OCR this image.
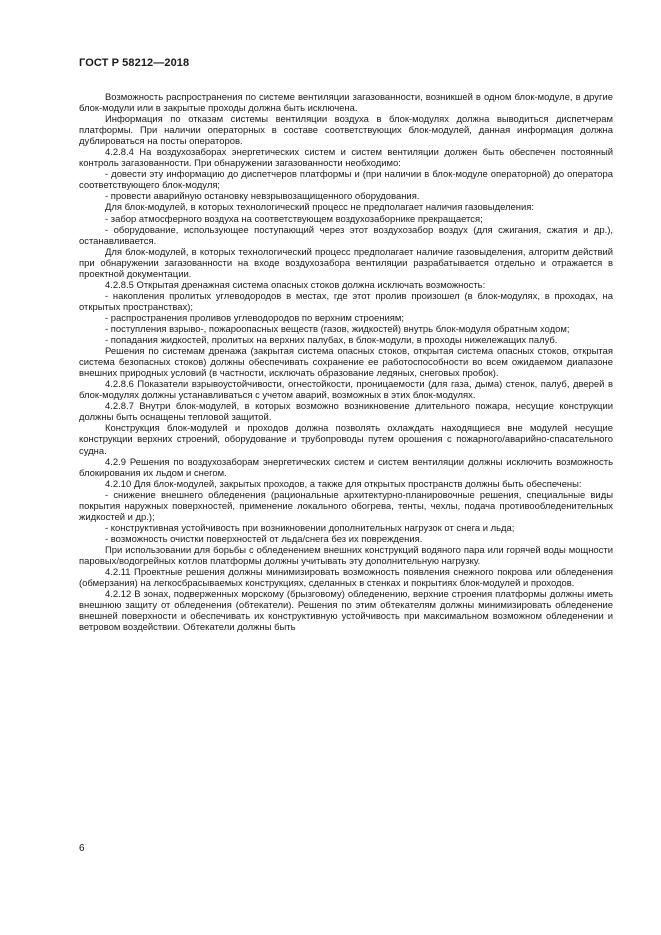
ГОСТ Р 58212—2018

Возможность распространения по системе вентиляции загазованности, возникшей в одном блок-модуле, в другие блок-модули или в закрытые проходы должна быть исключена.

Информация по отказам системы вентиляции воздуха в блок-модулях должна выводиться диспетчерам платформы. При наличии операторных в составе соответствующих блок-модулей, данная информация должна дублироваться на посты операторов.

4.2.8.4 На воздухозаборах энергетических систем и систем вентиляции должен быть обеспечен постоянный контроль загазованности. При обнаружении загазованности необходимо:

- довести эту информацию до диспетчеров платформы и (при наличии в блок-модуле операторной) до оператора соответствующего блок-модуля;

- провести аварийную остановку невзрывозащищенного оборудования.

Для блок-модулей, в которых технологический процесс не предполагает наличия газовыделения:

- забор атмосферного воздуха на соответствующем воздухозаборнике прекращается;

- оборудование, использующее поступающий через этот воздухозабор воздух (для сжигания, сжатия и др.), останавливается.

Для блок-модулей, в которых технологический процесс предполагает наличие газовыделения, алгоритм действий при обнаружении загазованности на входе воздухозабора вентиляции разрабатывается отдельно и отражается в проектной документации.

4.2.8.5 Открытая дренажная система опасных стоков должна исключать возможность:

- накопления пролитых углеводородов в местах, где этот пролив произошел (в блок-модулях, в проходах, на открытых пространствах);

- распространения проливов углеводородов по верхним строениям;

- поступления взрыво-, пожароопасных веществ (газов, жидкостей) внутрь блок-модуля обратным ходом;

- попадания жидкостей, пролитых на верхних палубах, в блок-модули, в проходы нижележащих палуб.

Решения по системам дренажа (закрытая система опасных стоков, открытая система опасных стоков, открытая система безопасных стоков) должны обеспечивать сохранение ее работоспособности во всем ожидаемом диапазоне внешних природных условий (в частности, исключать образование ледяных, снеговых пробок).

4.2.8.6 Показатели взрывоустойчивости, огнестойкости, проницаемости (для газа, дыма) стенок, палуб, дверей в блок-модулях должны устанавливаться с учетом аварий, возможных в этих блок-модулях.

4.2.8.7 Внутри блок-модулей, в которых возможно возникновение длительного пожара, несущие конструкции должны быть оснащены тепловой защитой.

Конструкция блок-модулей и проходов должна позволять охлаждать находящиеся вне модулей несущие конструкции верхних строений, оборудование и трубопроводы путем орошения с пожарного/аварийно-спасательного судна.

4.2.9 Решения по воздухозаборам энергетических систем и систем вентиляции должны исключить возможность блокирования их льдом и снегом.

4.2.10 Для блок-модулей, закрытых проходов, а также для открытых пространств должны быть обеспечены:

- снижение внешнего обледенения (рациональные архитектурно-планировочные решения, специальные виды покрытия наружных поверхностей, применение локального обогрева, тенты, чехлы, подача противообледенительных жидкостей и др.);

- конструктивная устойчивость при возникновении дополнительных нагрузок от снега и льда;

- возможность очистки поверхностей от льда/снега без их повреждения.

При использовании для борьбы с обледенением внешних конструкций водяного пара или горячей воды мощности паровых/водогрейных котлов платформы должны учитывать эту дополнительную нагрузку.

4.2.11 Проектные решения должны минимизировать возможность появления снежного покрова или обледенения (обмерзания) на легкосбрасываемых конструкциях, сделанных в стенках и покрытиях блок-модулей и проходов.

4.2.12 В зонах, подверженных морскому (брызговому) обледенению, верхние строения платформы должны иметь внешнюю защиту от обледенения (обтекатели). Решения по этим обтекателям должны минимизировать обледенение внешней поверхности и обеспечивать их конструктивную устойчивость при максимальном возможном обледенении и ветровом воздействии. Обтекатели должны быть

6
